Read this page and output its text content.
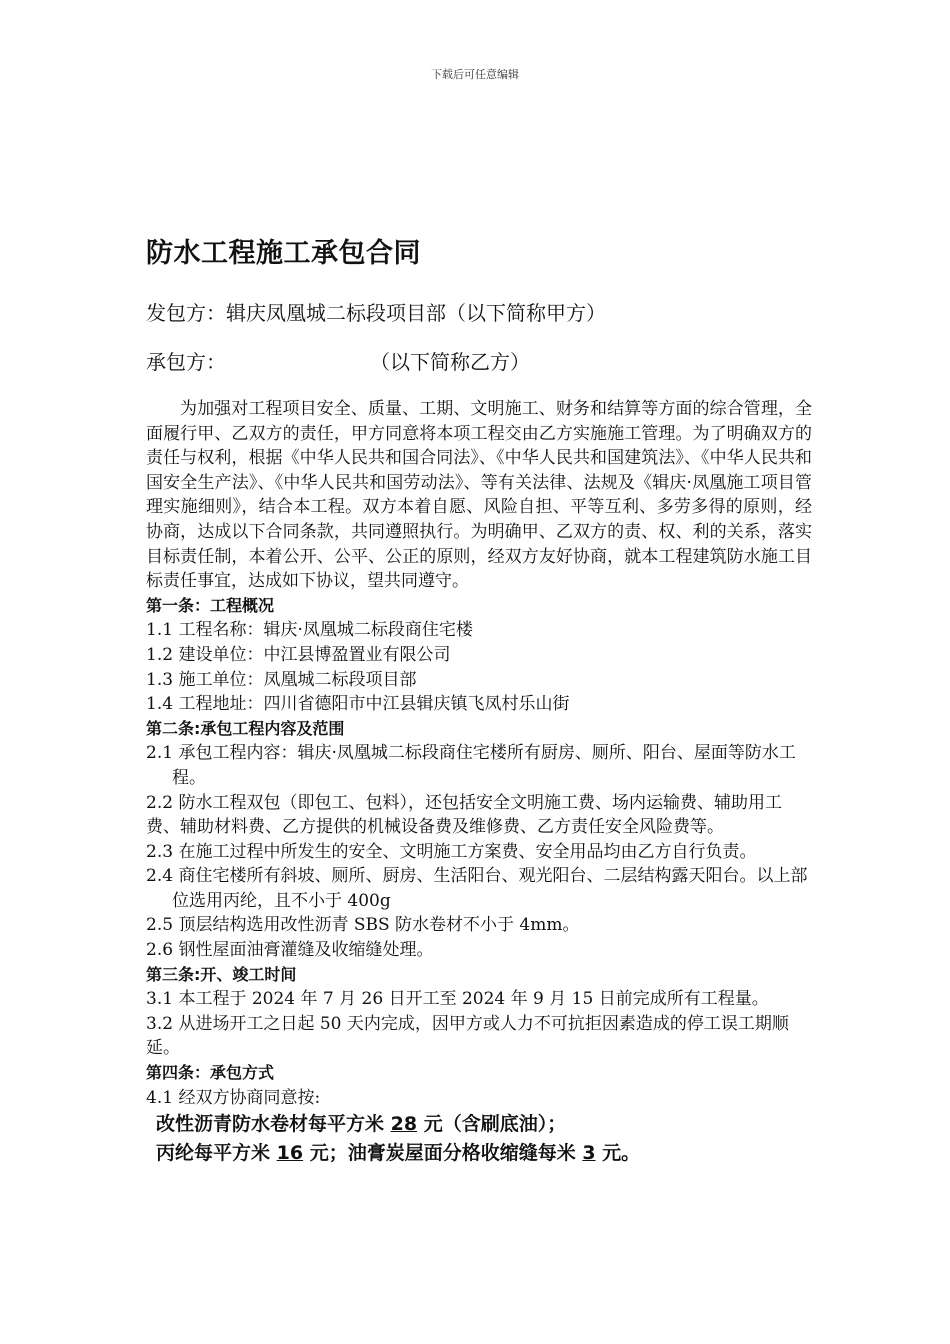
下载后可任意编辑
防水工程施工承包合同
发包方：辑庆凤凰城二标段项目部（以下简称甲方）
承包方：	（以下简称乙方）

为加强对工程项目安全、质量、工期、文明施工、财务和结算等方面的综合管理，全面履行甲、乙双方的责任，甲方同意将本项工程交由乙方实施施工管理。为了明确双方的责任与权利，根据《中华人民共和国合同法》、《中华人民共和国建筑法》、《中华人民共和国安全生产法》、《中华人民共和国劳动法》、等有关法律、法规及《辑庆·凤凰施工项目管理实施细则》，结合本工程。双方本着自愿、风险自担、平等互利、多劳多得的原则，经协商，达成以下合同条款，共同遵照执行。为明确甲、乙双方的责、权、利的关系，落实目标责任制，本着公开、公平、公正的原则，经双方友好协商，就本工程建筑防水施工目标责任事宜，达成如下协议，望共同遵守。

第一条：工程概况

1.1 工程名称：辑庆·凤凰城二标段商住宅楼

1.2 建设单位：中江县博盈置业有限公司

1.3 施工单位：凤凰城二标段项目部

1.4 工程地址：四川省德阳市中江县辑庆镇飞凤村乐山街

第二条:承包工程内容及范围

2.1 承包工程内容：辑庆·凤凰城二标段商住宅楼所有厨房、厕所、阳台、屋面等防水工程。

2.2 防水工程双包（即包工、包料），还包括安全文明施工费、场内运输费、辅助用工费、辅助材料费、乙方提供的机械设备费及维修费、乙方责任安全风险费等。

2.3 在施工过程中所发生的安全、文明施工方案费、安全用品均由乙方自行负责。

2.4 商住宅楼所有斜坡、厕所、厨房、生活阳台、观光阳台、二层结构露天阳台。以上部位选用丙纶，且不小于 400g

2.5 顶层结构选用改性沥青 SBS 防水卷材不小于 4mm。

2.6 钢性屋面油膏灌缝及收缩缝处理。

第三条:开、竣工时间

3.1 本工程于 2024 年 7 月 26 日开工至 2024 年 9 月 15 日前完成所有工程量。

3.2 从进场开工之日起 50 天内完成，因甲方或人力不可抗拒因素造成的停工误工期顺延。

第四条：承包方式

4.1 经双方协商同意按:

改性沥青防水卷材每平方米 28 元（含刷底油）；

丙纶每平方米 16 元；油膏炭屋面分格收缩缝每米 3 元。
